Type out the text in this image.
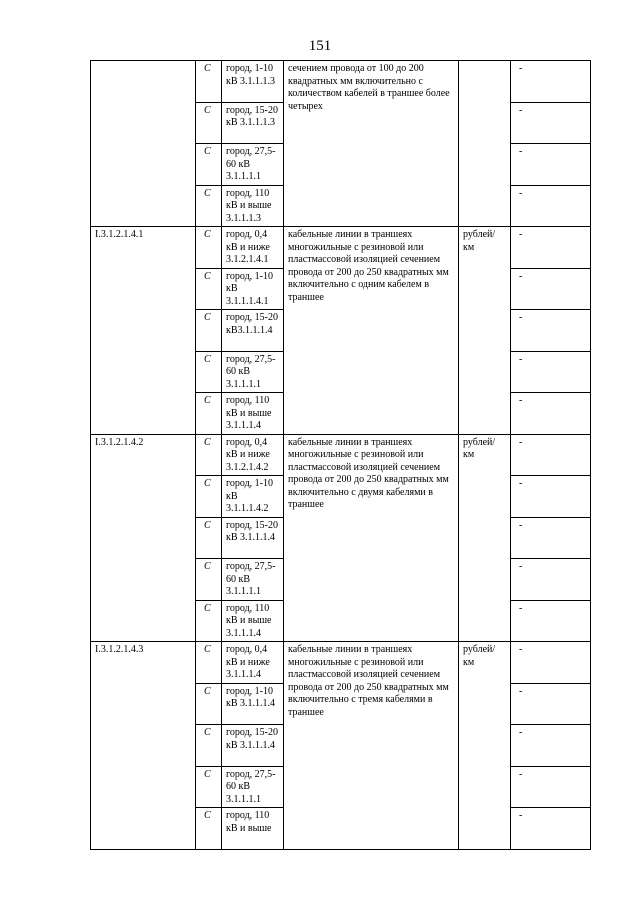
151
	С	город, 1-10 кВ 3.1.1.1.3	сечением провода от 100 до 200 квадратных мм включительно с количеством кабелей в траншее более четырех		-
	С	город, 15-20 кВ 3.1.1.1.3			-
	С	город, 27,5-60 кВ 3.1.1.1.1			-
	С	город, 110 кВ и выше 3.1.1.1.3			-
I.3.1.2.1.4.1	С	город, 0,4 кВ и ниже 3.1.2.1.4.1	кабельные линии в траншеях многожильные с резиновой или пластмассовой изоляцией сечением провода от 200 до 250 квадратных мм включительно с одним кабелем в траншее	рублей/ км	-
	С	город, 1-10 кВ 3.1.1.1.4.1			-
	С	город, 15-20 кВ3.1.1.1.4			-
	С	город, 27,5-60 кВ 3.1.1.1.1			-
	С	город, 110 кВ и выше 3.1.1.1.4			-
I.3.1.2.1.4.2	С	город, 0,4 кВ и ниже 3.1.2.1.4.2	кабельные линии в траншеях многожильные с резиновой или пластмассовой изоляцией сечением провода от 200 до 250 квадратных мм включительно с двумя кабелями в траншее	рублей/ км	-
	С	город, 1-10 кВ 3.1.1.1.4.2			-
	С	город, 15-20 кВ 3.1.1.1.4			-
	С	город, 27,5-60 кВ 3.1.1.1.1			-
	С	город, 110 кВ и выше 3.1.1.1.4			-
I.3.1.2.1.4.3	С	город, 0,4 кВ и ниже 3.1.1.1.4	кабельные линии в траншеях многожильные с резиновой или пластмассовой изоляцией сечением провода от 200 до 250 квадратных мм включительно с тремя кабелями в траншее	рублей/ км	-
	С	город, 1-10 кВ 3.1.1.1.4			-
	С	город, 15-20 кВ 3.1.1.1.4			-
	С	город, 27,5-60 кВ 3.1.1.1.1			-
	С	город, 110 кВ и выше			-
